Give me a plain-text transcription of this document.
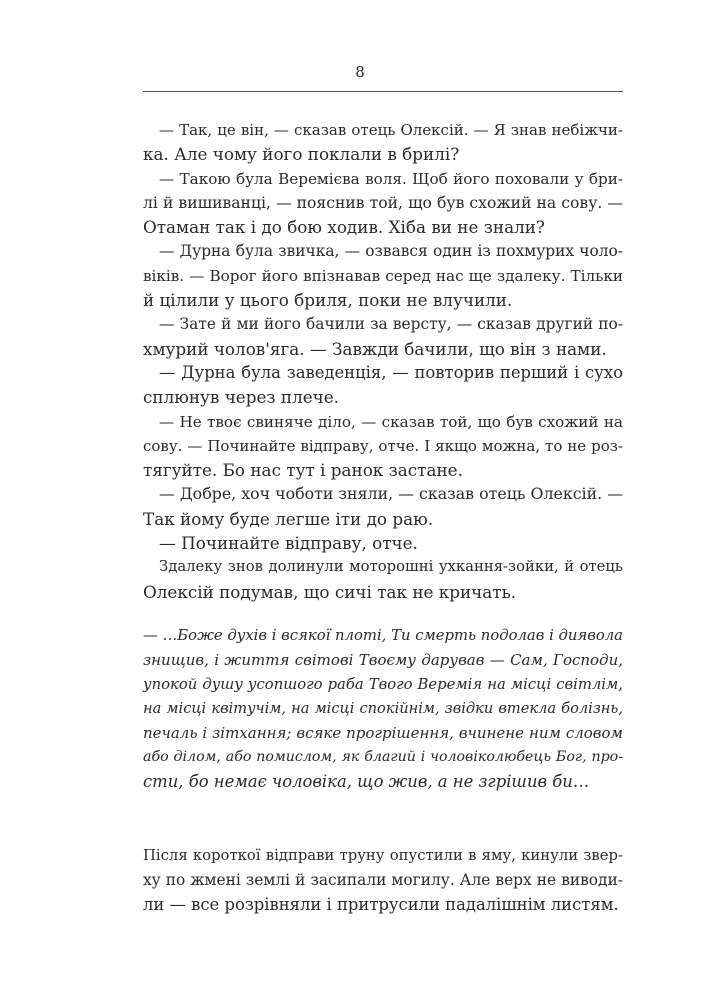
8
— Так, це він, — сказав отець Олексій. — Я знав небіжчи-
ка. Але чому його поклали в брилі?
— Такою була Веремієва воля. Щоб його поховали у бри-
лі й вишиванці, — пояснив той, що був схожий на сову. —
Отаман так і до бою ходив. Хіба ви не знали?
— Дурна була звичка, — озвався один із похмурих чоло-
віків. — Ворог його впізнавав серед нас ще здалеку. Тільки
й цілили у цього бриля, поки не влучили.
— Зате й ми його бачили за версту, — сказав другий по-
хмурий чолов'яга. — Завжди бачили, що він з нами.
— Дурна була заведенція, — повторив перший і сухо
сплюнув через плече.
— Не твоє свиняче діло, — сказав той, що був схожий на
сову. — Починайте відправу, отче. І якщо можна, то не роз-
тягуйте. Бо нас тут і ранок застане.
— Добре, хоч чоботи зняли, — сказав отець Олексій. —
Так йому буде легше іти до раю.
— Починайте відправу, отче.
Здалеку знов долинули моторошні ухкання-зойки, й отець
Олексій подумав, що сичі так не кричать.
— …Боже духів і всякої плоті, Ти смерть подолав і диявола
знищив, і життя світові Твоєму дарував — Сам, Господи,
упокой душу усопшого раба Твого Веремія на місці світлім,
на місці квітучім, на місці спокійнім, звідки втекла болізнь,
печаль і зітхання; всяке прогрішення, вчинене ним словом
або ділом, або помислом, як благий і чоловіколюбець Бог, про-
сти, бо немає чоловіка, що жив, а не згрішив би…
Після короткої відправи труну опустили в яму, кинули звер-
ху по жмені землі й засипали могилу. Але верх не виводи-
ли — все розрівняли і притрусили падалішнім листям.
